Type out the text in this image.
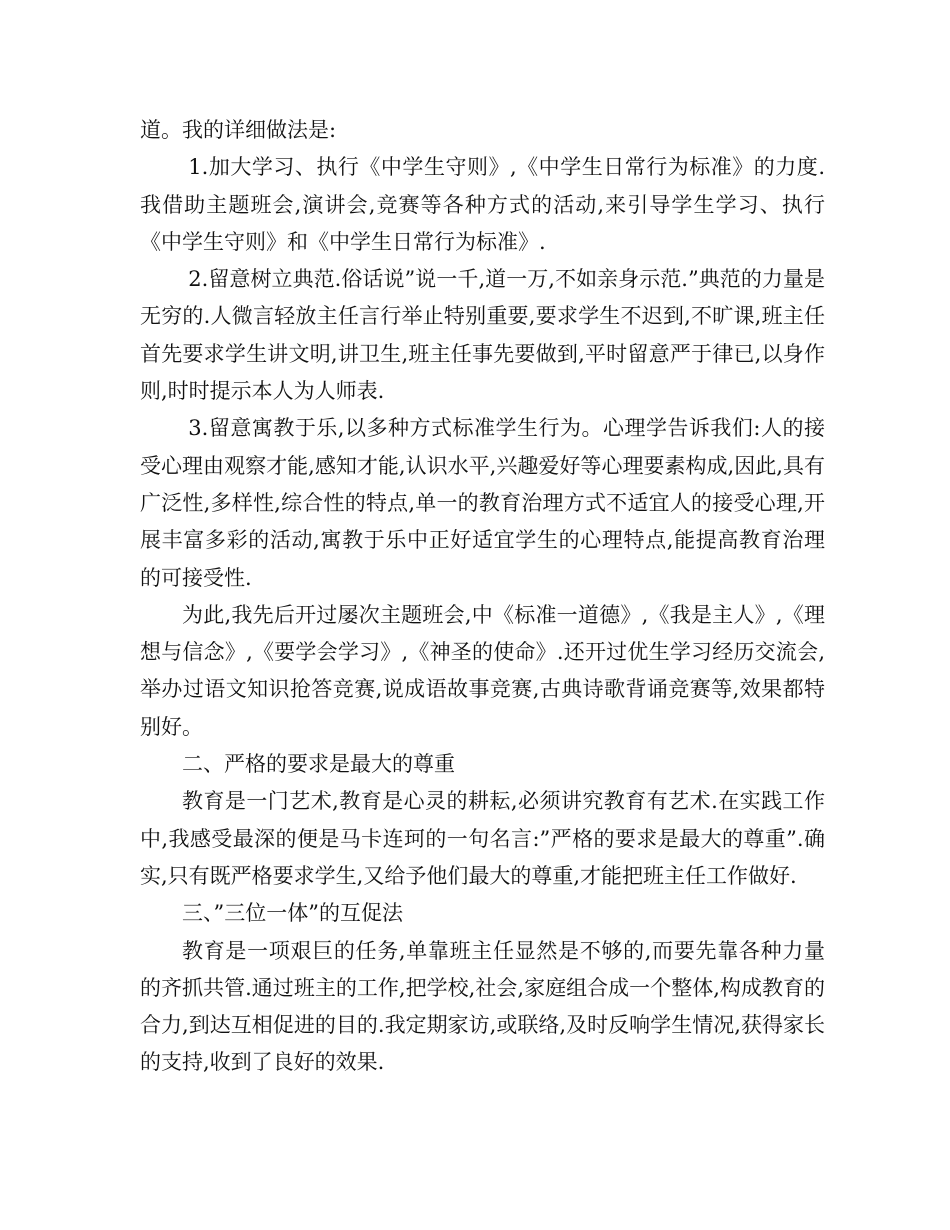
道。我的详细做法是:

1.加大学习、执行《中学生守则》,《中学生日常行为标准》的力度.我借助主题班会,演讲会,竞赛等各种方式的活动,来引导学生学习、执行《中学生守则》和《中学生日常行为标准》.

2.留意树立典范.俗话说”说一千,道一万,不如亲身示范.”典范的力量是无穷的.人微言轻放主任言行举止特别重要,要求学生不迟到,不旷课,班主任首先要求学生讲文明,讲卫生,班主任事先要做到,平时留意严于律已,以身作则,时时提示本人为人师表.

3.留意寓教于乐,以多种方式标准学生行为。心理学告诉我们:人的接受心理由观察才能,感知才能,认识水平,兴趣爱好等心理要素构成,因此,具有广泛性,多样性,综合性的特点,单一的教育治理方式不适宜人的接受心理,开展丰富多彩的活动,寓教于乐中正好适宜学生的心理特点,能提高教育治理的可接受性.

为此,我先后开过屡次主题班会,中《标准一道德》,《我是主人》,《理想与信念》,《要学会学习》,《神圣的使命》.还开过优生学习经历交流会,举办过语文知识抢答竞赛,说成语故事竞赛,古典诗歌背诵竞赛等,效果都特别好。

二、严格的要求是最大的尊重

教育是一门艺术,教育是心灵的耕耘,必须讲究教育有艺术.在实践工作中,我感受最深的便是马卡连珂的一句名言:”严格的要求是最大的尊重”.确实,只有既严格要求学生,又给予他们最大的尊重,才能把班主任工作做好.

三、”三位一体”的互促法

教育是一项艰巨的任务,单靠班主任显然是不够的,而要先靠各种力量的齐抓共管.通过班主的工作,把学校,社会,家庭组合成一个整体,构成教育的合力,到达互相促进的目的.我定期家访,或联络,及时反响学生情况,获得家长的支持,收到了良好的效果.
